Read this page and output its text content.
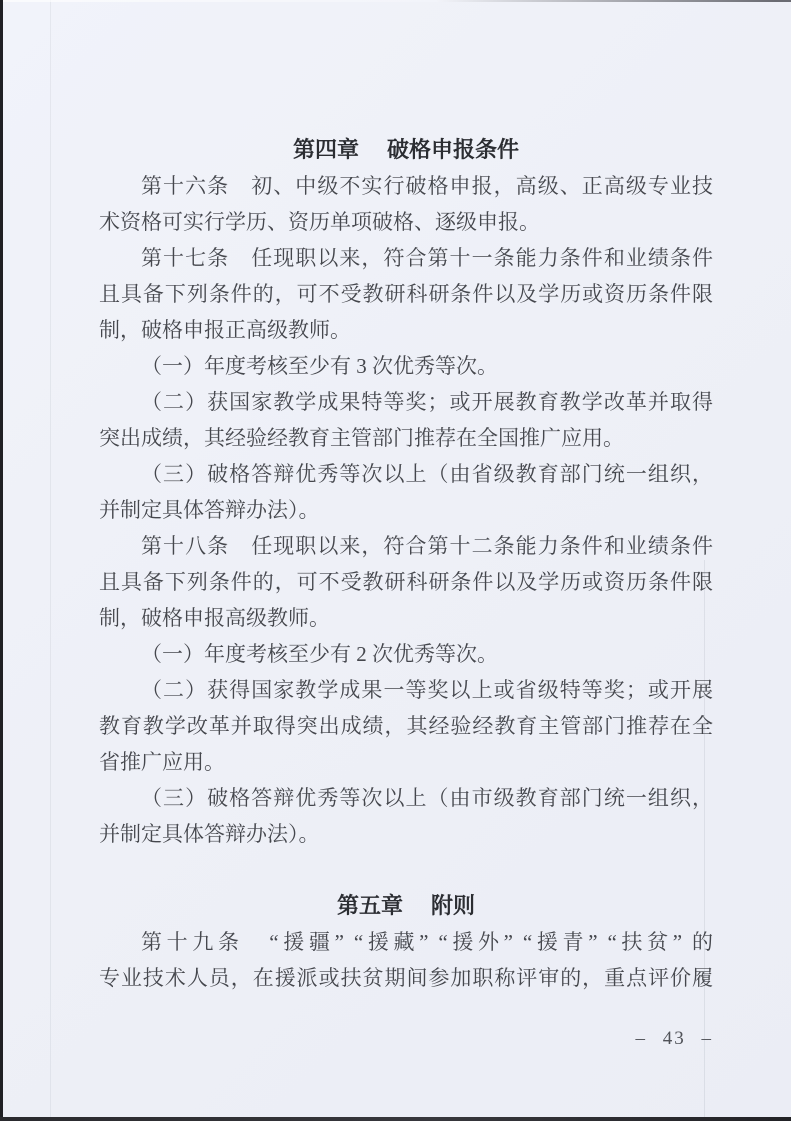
第四章　 破格申报条件
第十六条　初、中级不实行破格申报，高级、正高级专业技
术资格可实行学历、资历单项破格、逐级申报。
第十七条　任现职以来，符合第十一条能力条件和业绩条件
且具备下列条件的，可不受教研科研条件以及学历或资历条件限
制，破格申报正高级教师。
（一）年度考核至少有 3 次优秀等次。
（二）获国家教学成果特等奖；或开展教育教学改革并取得
突出成绩，其经验经教育主管部门推荐在全国推广应用。
（三）破格答辩优秀等次以上（由省级教育部门统一组织，
并制定具体答辩办法）。
第十八条　任现职以来，符合第十二条能力条件和业绩条件
且具备下列条件的，可不受教研科研条件以及学历或资历条件限
制，破格申报高级教师。
（一）年度考核至少有 2 次优秀等次。
（二）获得国家教学成果一等奖以上或省级特等奖；或开展
教育教学改革并取得突出成绩，其经验经教育主管部门推荐在全
省推广应用。
（三）破格答辩优秀等次以上（由市级教育部门统一组织，
并制定具体答辩办法）。
第五章　 附则
第十九条　“援疆” “援藏” “援外” “援青” “扶贫” 的
专业技术人员，在援派或扶贫期间参加职称评审的，重点评价履
– 43 –
